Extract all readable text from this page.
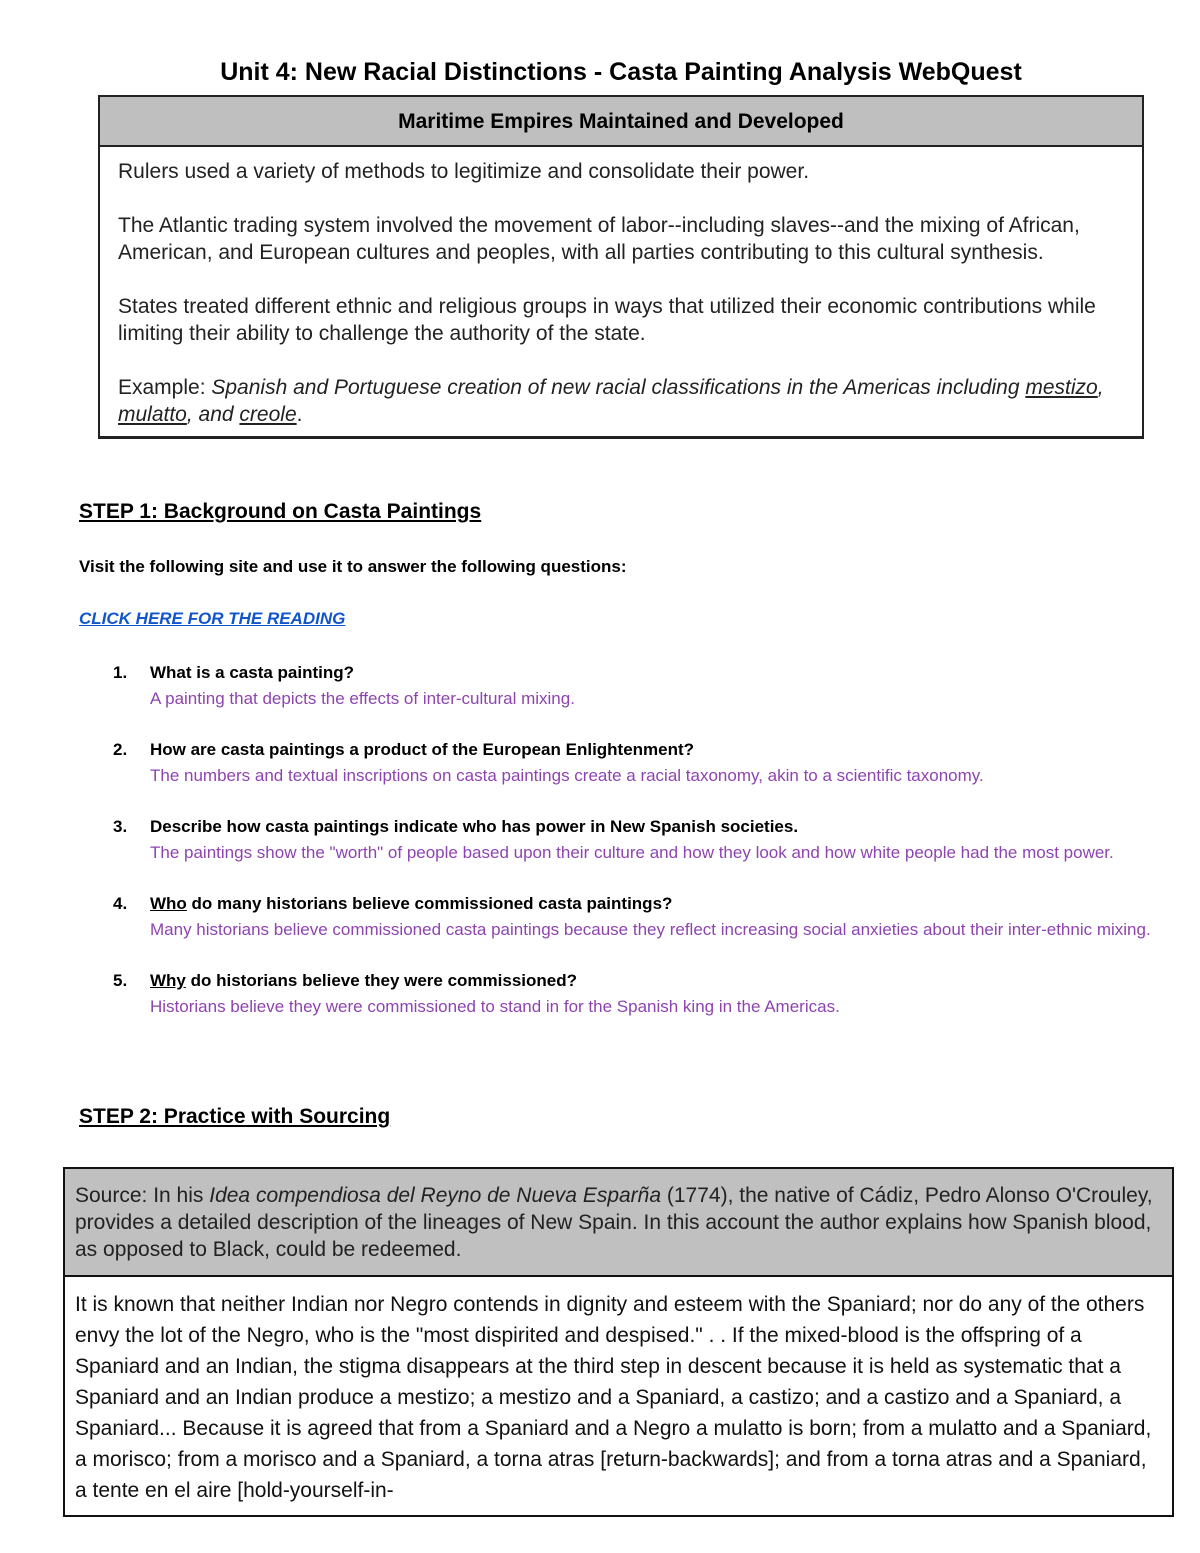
Unit 4: New Racial Distinctions - Casta Painting Analysis WebQuest
Maritime Empires Maintained and Developed

Rulers used a variety of methods to legitimize and consolidate their power.

The Atlantic trading system involved the movement of labor--including slaves--and the mixing of African, American, and European cultures and peoples, with all parties contributing to this cultural synthesis.

States treated different ethnic and religious groups in ways that utilized their economic contributions while limiting their ability to challenge the authority of the state.

Example: Spanish and Portuguese creation of new racial classifications in the Americas including mestizo, mulatto, and creole.

STEP 1: Background on Casta Paintings
Visit the following site and use it to answer the following questions:
CLICK HERE FOR THE READING
1. What is a casta painting?
A painting that depicts the effects of inter-cultural mixing.
2. How are casta paintings a product of the European Enlightenment?
The numbers and textual inscriptions on casta paintings create a racial taxonomy, akin to a scientific taxonomy.
3. Describe how casta paintings indicate who has power in New Spanish societies.
The paintings show the "worth" of people based upon their culture and how they look and how white people had the most power.
4. Who do many historians believe commissioned casta paintings?
Many historians believe commissioned casta paintings because they reflect increasing social anxieties about their inter-ethnic mixing.
5. Why do historians believe they were commissioned?
Historians believe they were commissioned to stand in for the Spanish king in the Americas.
STEP 2: Practice with Sourcing
Source: In his Idea compendiosa del Reyno de Nueva Esparña (1774), the native of Cádiz, Pedro Alonso O'Crouley, provides a detailed description of the lineages of New Spain. In this account the author explains how Spanish blood, as opposed to Black, could be redeemed.
It is known that neither Indian nor Negro contends in dignity and esteem with the Spaniard; nor do any of the others envy the lot of the Negro, who is the "most dispirited and despised." . . If the mixed-blood is the offspring of a Spaniard and an Indian, the stigma disappears at the third step in descent because it is held as systematic that a Spaniard and an Indian produce a mestizo; a mestizo and a Spaniard, a castizo; and a castizo and a Spaniard, a Spaniard... Because it is agreed that from a Spaniard and a Negro a mulatto is born; from a mulatto and a Spaniard, a morisco; from a morisco and a Spaniard, a torna atras [return-backwards]; and from a torna atras and a Spaniard, a tente en el aire [hold-yourself-in-
